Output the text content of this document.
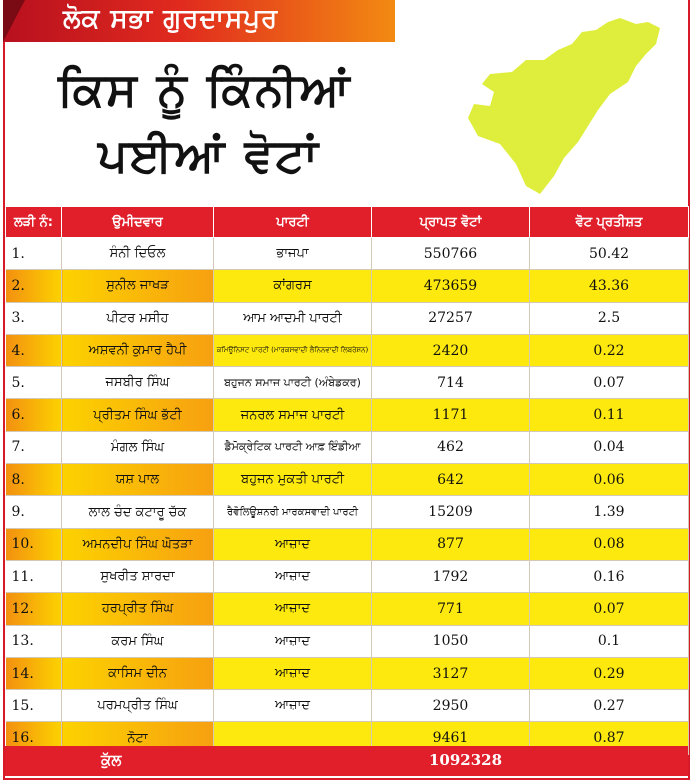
ਲੋਕ ਸਭਾ ਗੁਰਦਾਸਪੁਰ
ਕਿਸ ਨੂੰ ਕਿੰਨੀਆਂ
ਪਈਆਂ ਵੋਟਾਂ
ਲੜੀ ਨੰ:	ਉਮੀਦਵਾਰ	ਪਾਰਟੀ	ਪ੍ਰਾਪਤ ਵੋਟਾਂ	ਵੋਟ ਪ੍ਰਤੀਸ਼ਤ
1.	ਸੰਨੀ ਦਿਓਲ	ਭਾਜਪਾ	550766	50.42
2.	ਸੁਨੀਲ ਜਾਖੜ	ਕਾਂਗਰਸ	473659	43.36
3.	ਪੀਟਰ ਮਸੀਹ	ਆਮ ਆਦਮੀ ਪਾਰਟੀ	27257	2.5
4.	ਅਸ਼ਵਨੀ ਕੁਮਾਰ ਹੈਪੀ	ਕਮਿਊਨਿਸਟ ਪਾਰਟੀ (ਮਾਰਕਸਵਾਦੀ ਲੈਨਿਨਵਾਦੀ ਲਿਬਰੇਸ਼ਨ)	2420	0.22
5.	ਜਸਬੀਰ ਸਿੰਘ	ਬਹੁਜਨ ਸਮਾਜ ਪਾਰਟੀ (ਅੰਬੇਡਕਰ)	714	0.07
6.	ਪ੍ਰੀਤਮ ਸਿੰਘ ਭੱਟੀ	ਜਨਰਲ ਸਮਾਜ ਪਾਰਟੀ	1171	0.11
7.	ਮੰਗਲ ਸਿੰਘ	ਡੈਮੋਕ੍ਰੇਟਿਕ ਪਾਰਟੀ ਆਫ਼ ਇੰਡੀਆ	462	0.04
8.	ਯਸ਼ ਪਾਲ	ਬਹੁਜਨ ਮੁਕਤੀ ਪਾਰਟੀ	642	0.06
9.	ਲਾਲ ਚੰਦ ਕਟਾਰੂ ਚੱਕ	ਰੈਵੋਲਿਊਸ਼ਨਰੀ ਮਾਰਕਸਵਾਦੀ ਪਾਰਟੀ	15209	1.39
10.	ਅਮਨਦੀਪ ਸਿੰਘ ਘੋਤੜਾ	ਆਜ਼ਾਦ	877	0.08
11.	ਸੁਖਰੀਤ ਸ਼ਾਰਦਾ	ਆਜ਼ਾਦ	1792	0.16
12.	ਹਰਪ੍ਰੀਤ ਸਿੰਘ	ਆਜ਼ਾਦ	771	0.07
13.	ਕਰਮ ਸਿੰਘ	ਆਜ਼ਾਦ	1050	0.1
14.	ਕਾਸਿਮ ਦੀਨ	ਆਜ਼ਾਦ	3127	0.29
15.	ਪਰਮਪ੍ਰੀਤ ਸਿੰਘ	ਆਜ਼ਾਦ	2950	0.27
16.	ਨੋਟਾ		9461	0.87
ਕੁੱਲ	1092328
